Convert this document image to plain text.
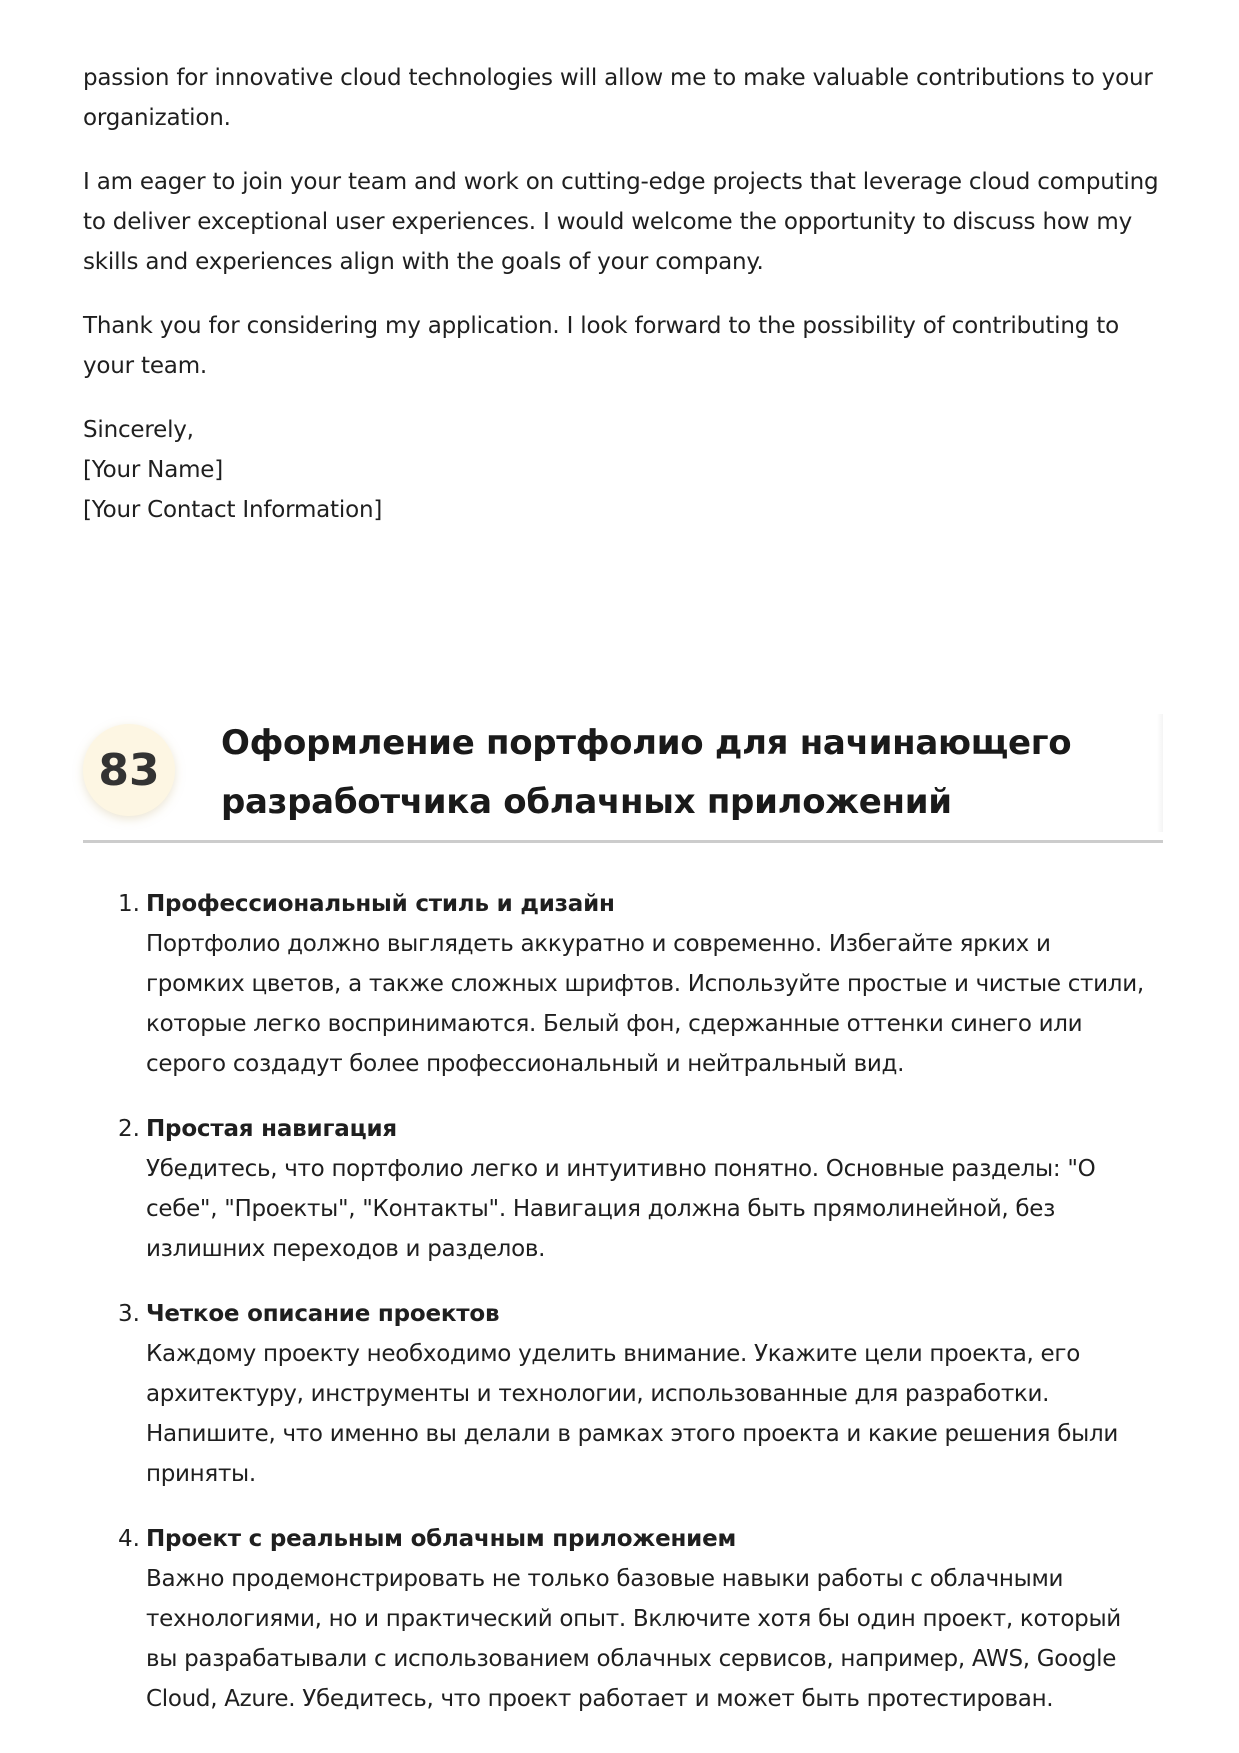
passion for innovative cloud technologies will allow me to make valuable contributions to your organization.

I am eager to join your team and work on cutting-edge projects that leverage cloud computing to deliver exceptional user experiences. I would welcome the opportunity to discuss how my skills and experiences align with the goals of your company.

Thank you for considering my application. I look forward to the possibility of contributing to your team.

Sincerely,
[Your Name]
[Your Contact Information]
83
Оформление портфолио для начинающего разработчика облачных приложений
1. Профессиональный стиль и дизайн
Портфолио должно выглядеть аккуратно и современно. Избегайте ярких и громких цветов, а также сложных шрифтов. Используйте простые и чистые стили, которые легко воспринимаются. Белый фон, сдержанные оттенки синего или серого создадут более профессиональный и нейтральный вид.
2. Простая навигация
Убедитесь, что портфолио легко и интуитивно понятно. Основные разделы: "О себе", "Проекты", "Контакты". Навигация должна быть прямолинейной, без излишних переходов и разделов.
3. Четкое описание проектов
Каждому проекту необходимо уделить внимание. Укажите цели проекта, его архитектуру, инструменты и технологии, использованные для разработки. Напишите, что именно вы делали в рамках этого проекта и какие решения были приняты.
4. Проект с реальным облачным приложением
Важно продемонстрировать не только базовые навыки работы с облачными технологиями, но и практический опыт. Включите хотя бы один проект, который вы разрабатывали с использованием облачных сервисов, например, AWS, Google Cloud, Azure. Убедитесь, что проект работает и может быть протестирован.
